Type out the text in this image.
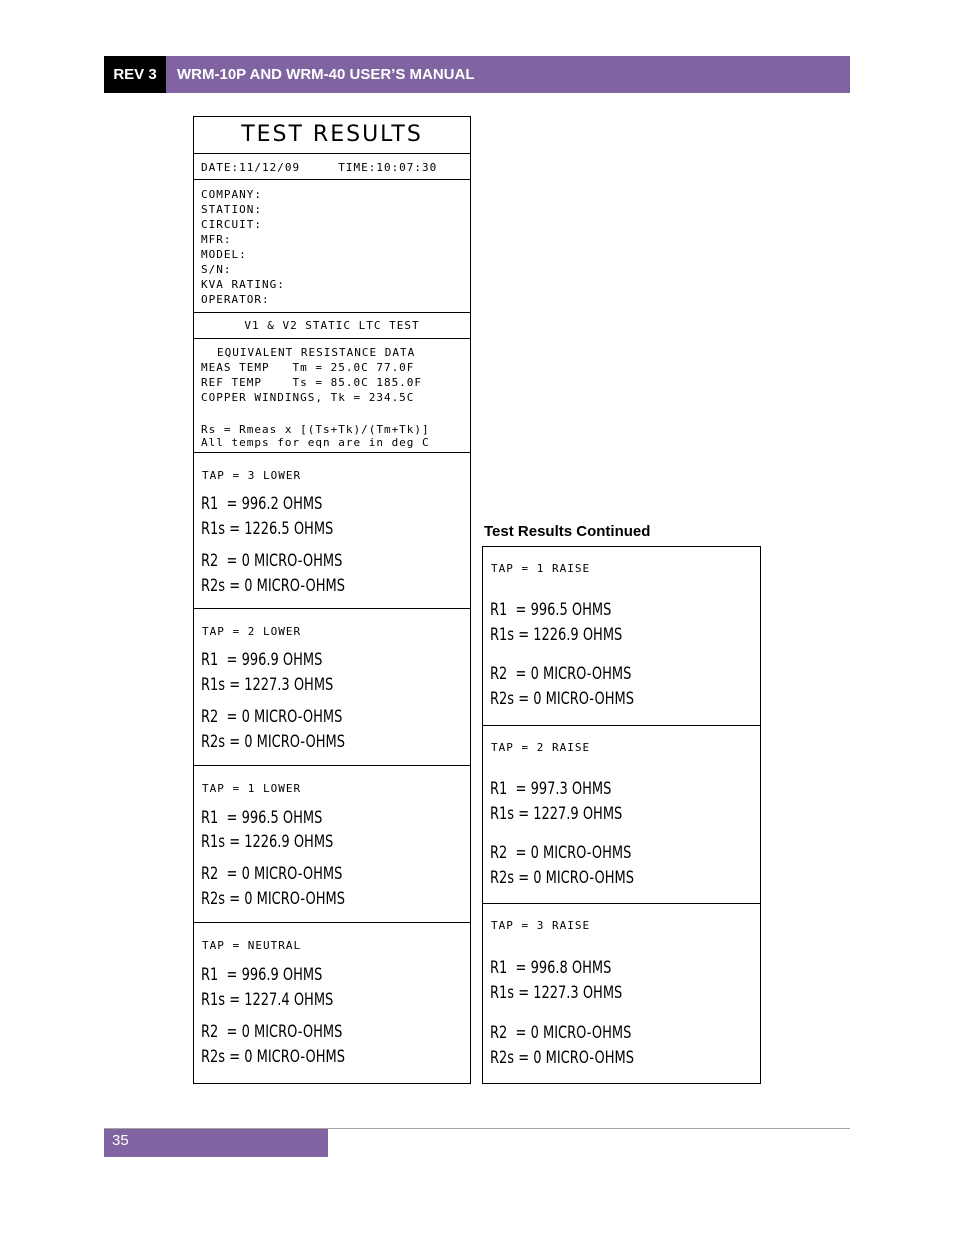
REV 3	WRM-10P AND WRM-40 USER’S MANUAL
TEST RESULTS
DATE:11/12/09     TIME:10:07:30
COMPANY:
STATION:
CIRCUIT:
MFR:
MODEL:
S/N:
KVA RATING:
OPERATOR:
V1 & V2 STATIC LTC TEST
EQUIVALENT RESISTANCE DATA
MEAS TEMP   Tm = 25.0C 77.0F
REF TEMP    Ts = 85.0C 185.0F
COPPER WINDINGS, Tk = 234.5C
Rs = Rmeas x [(Ts+Tk)/(Tm+Tk)]
All temps for eqn are in deg C
TAP = 3 LOWER
R1  = 996.2 OHMS
R1s = 1226.5 OHMS
R2  = 0 MICRO-OHMS
R2s = 0 MICRO-OHMS
TAP = 2 LOWER
R1  = 996.9 OHMS
R1s = 1227.3 OHMS
R2  = 0 MICRO-OHMS
R2s = 0 MICRO-OHMS
TAP = 1 LOWER
R1  = 996.5 OHMS
R1s = 1226.9 OHMS
R2  = 0 MICRO-OHMS
R2s = 0 MICRO-OHMS
TAP = NEUTRAL
R1  = 996.9 OHMS
R1s = 1227.4 OHMS
R2  = 0 MICRO-OHMS
R2s = 0 MICRO-OHMS
Test Results Continued
TAP = 1 RAISE
R1  = 996.5 OHMS
R1s = 1226.9 OHMS
R2  = 0 MICRO-OHMS
R2s = 0 MICRO-OHMS
TAP = 2 RAISE
R1  = 997.3 OHMS
R1s = 1227.9 OHMS
R2  = 0 MICRO-OHMS
R2s = 0 MICRO-OHMS
TAP = 3 RAISE
R1  = 996.8 OHMS
R1s = 1227.3 OHMS
R2  = 0 MICRO-OHMS
R2s = 0 MICRO-OHMS
35
